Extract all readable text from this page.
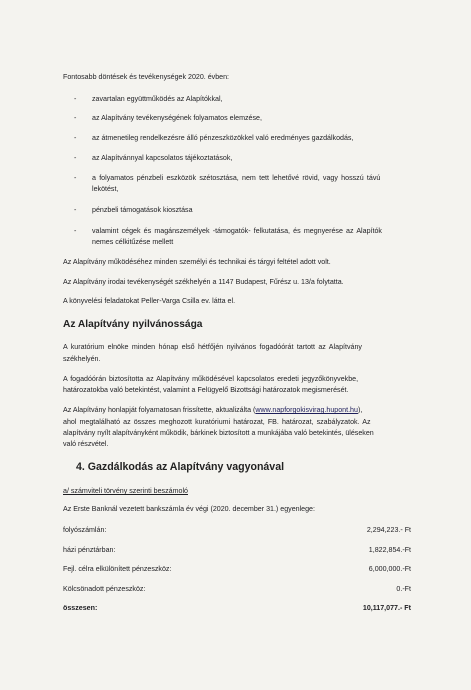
Fontosabb döntések és tevékenységek 2020. évben:
- zavartalan együttműködés az Alapítókkal,
- az Alapítvány tevékenységének folyamatos elemzése,
- az átmenetileg rendelkezésre álló pénzeszközökkel való eredményes gazdálkodás,
- az Alapítvánnyal kapcsolatos tájékoztatások,
- a folyamatos pénzbeli eszközök szétosztása, nem tett lehetővé rövid, vagy hosszú távú
lekötést,
- pénzbeli támogatások kiosztása
- valamint cégek és magánszemélyek -támogatók- felkutatása, és megnyerése az Alapítók
nemes célkitűzése mellett
Az Alapítvány működéséhez minden személyi és technikai és tárgyi feltétel adott volt.
Az Alapítvány irodai tevékenységét székhelyén a 1147 Budapest, Fűrész u. 13/a folytatta.
A könyvelési feladatokat Peller-Varga Csilla ev. látta el.
Az Alapítvány nyilvánossága
A kuratórium elnöke minden hónap első hétfőjén nyilvános fogadóórát tartott az Alapítvány
székhelyén.
A fogadóórán biztosította az Alapítvány működésével kapcsolatos eredeti jegyzőkönyvekbe,
határozatokba való betekintést, valamint a Felügyelő Bizottsági határozatok megismerését.
Az Alapítvány honlapját folyamatosan frissítette, aktualizálta (www.napforgokisvirag.hupont.hu),
ahol megtalálható az összes meghozott kuratóriumi határozat, FB. határozat, szabályzatok. Az
alapítvány nyílt alapítványként működik, bárkinek biztosított a munkájába való betekintés, üléseken
való részvétel.
4. Gazdálkodás az Alapítvány vagyonával
a/ számviteli törvény szerinti beszámoló
Az Erste Banknál vezetett bankszámla év végi (2020. december 31.) egyenlege:
folyószámlán:	2,294,223.- Ft
házi pénztárban:	1,822,854.-Ft
Fejl. célra elkülönített pénzeszköz:	6,000,000.-Ft
Kölcsönadott pénzeszköz:	0.-Ft
összesen:	10,117,077.- Ft
